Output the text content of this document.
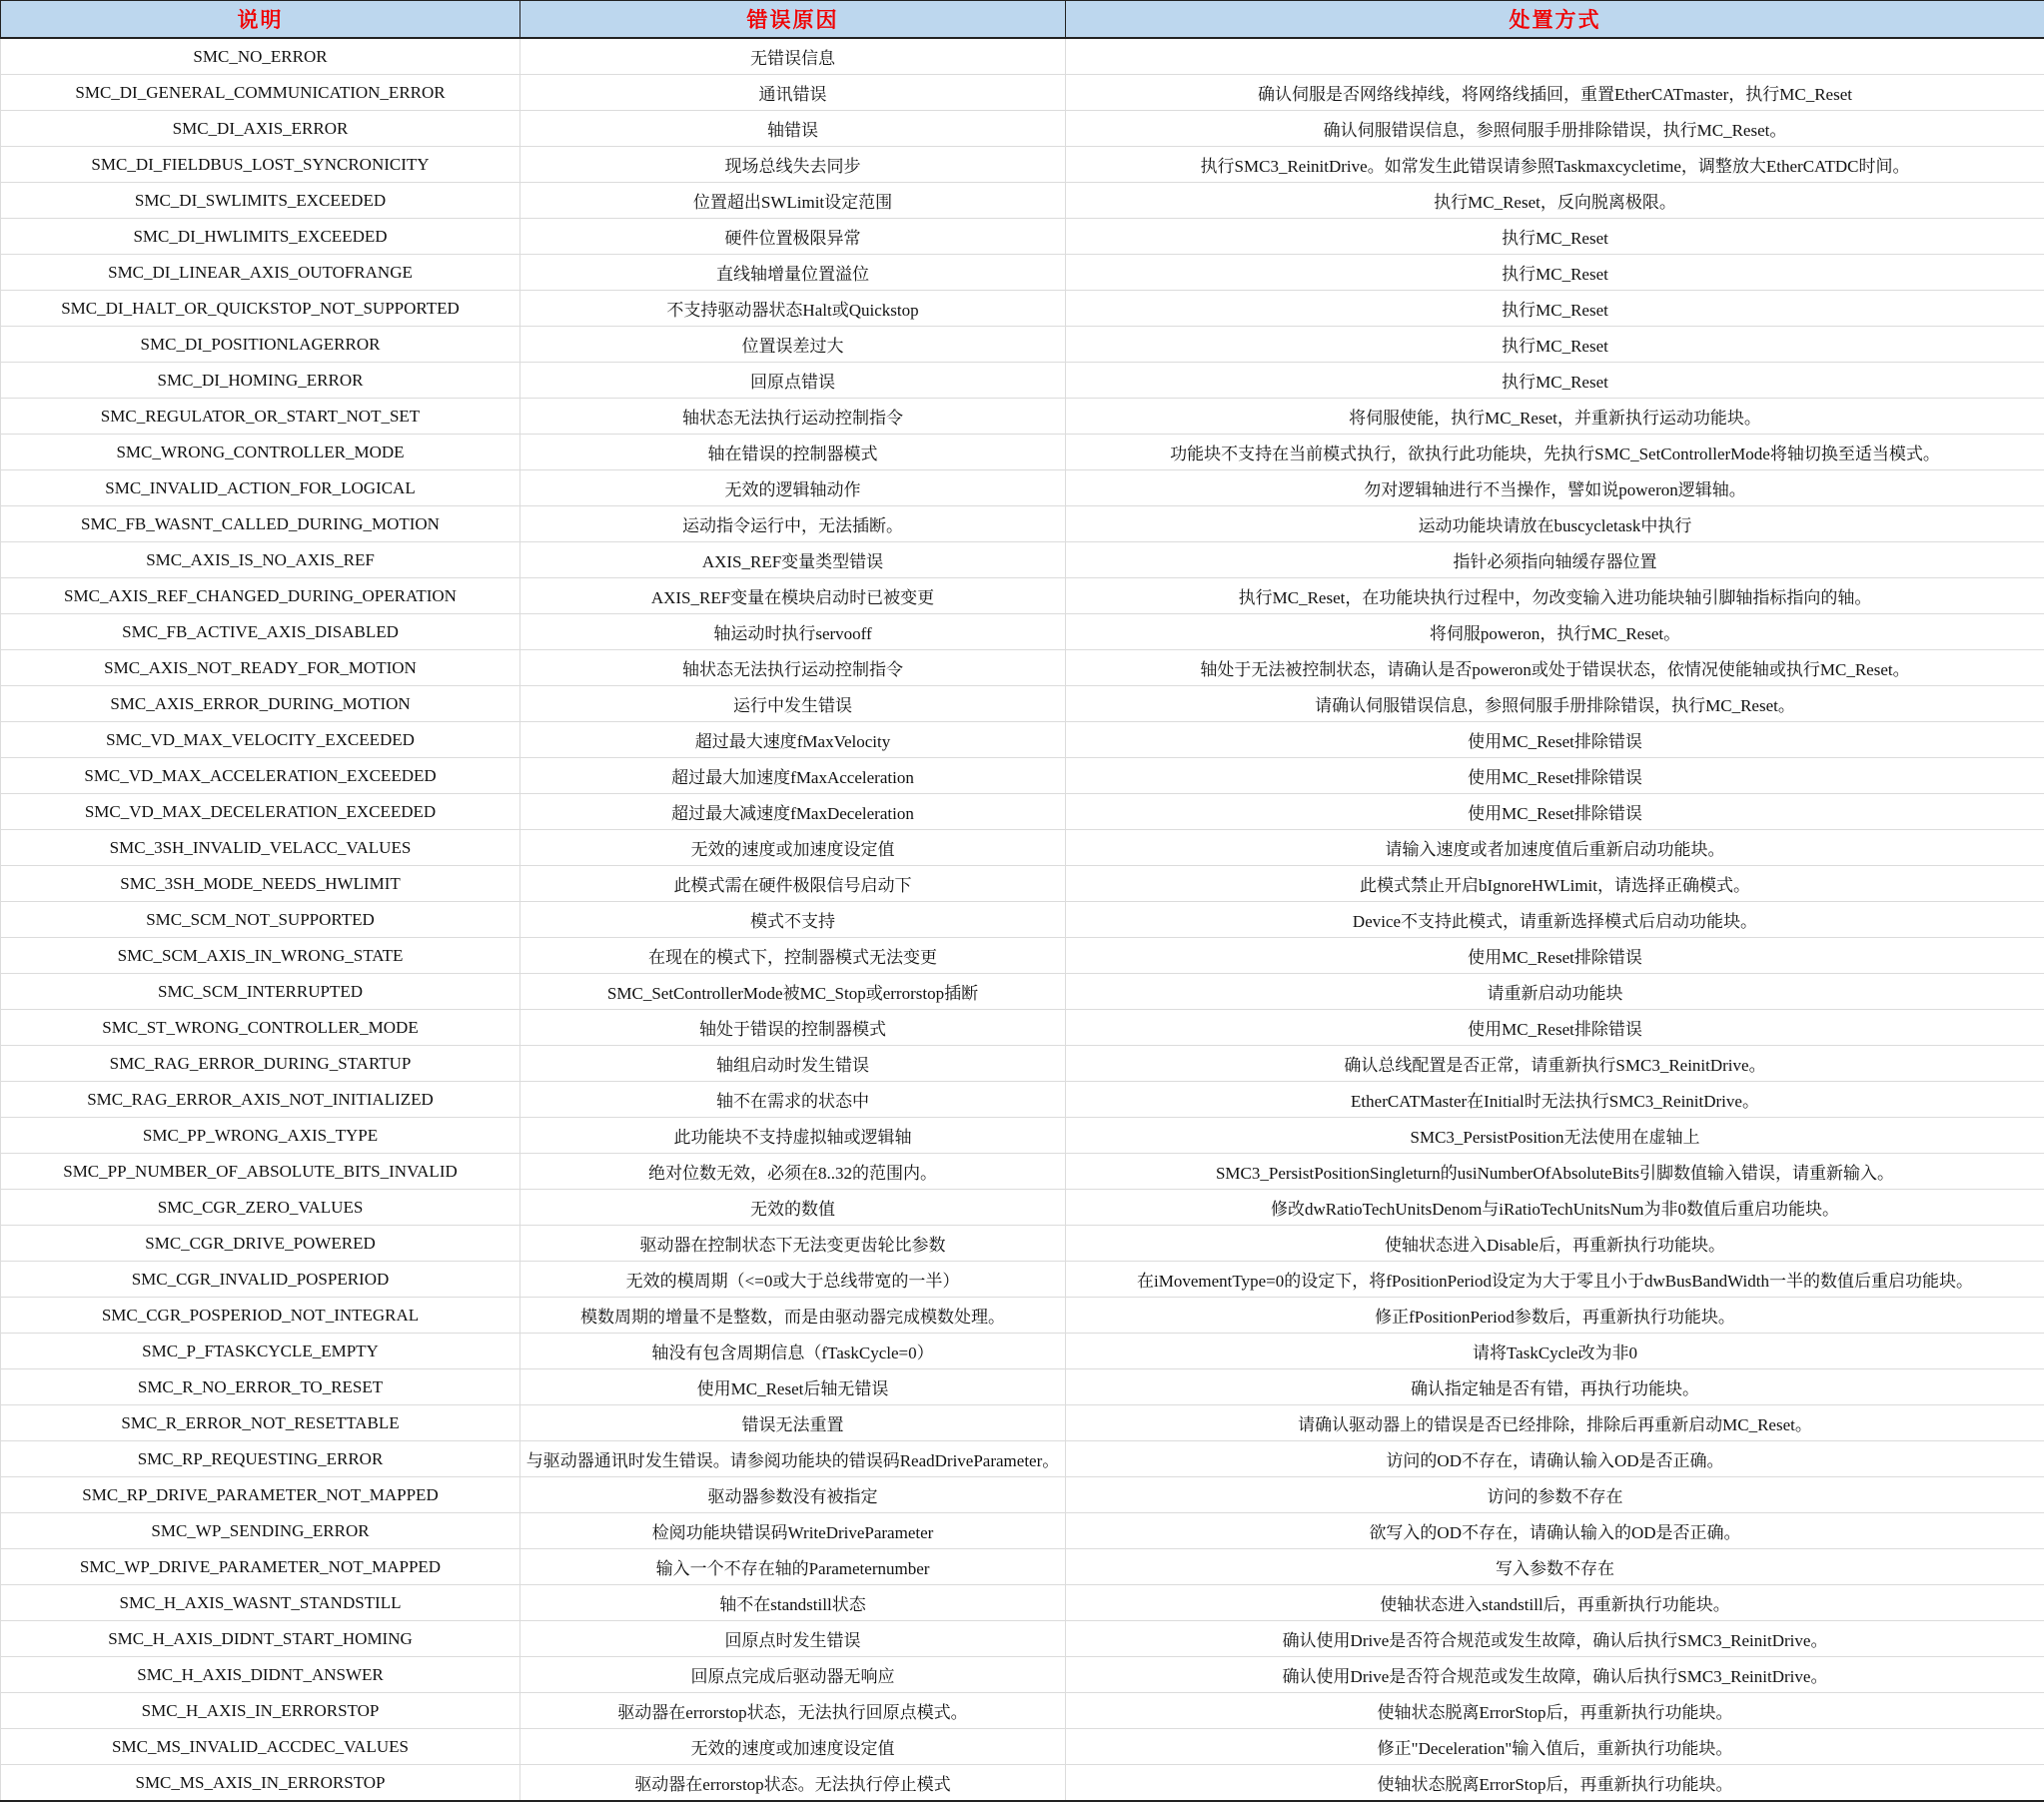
说明	错误原因	处置方式
SMC_NO_ERROR	无错误信息	
SMC_DI_GENERAL_COMMUNICATION_ERROR	通讯错误	确认伺服是否网络线掉线，将网络线插回，重置EtherCATmaster，执行MC_Reset
SMC_DI_AXIS_ERROR	轴错误	确认伺服错误信息，参照伺服手册排除错误，执行MC_Reset。
SMC_DI_FIELDBUS_LOST_SYNCRONICITY	现场总线失去同步	执行SMC3_ReinitDrive。如常发生此错误请参照Taskmaxcycletime，调整放大EtherCATDC时间。
SMC_DI_SWLIMITS_EXCEEDED	位置超出SWLimit设定范围	执行MC_Reset，反向脱离极限。
SMC_DI_HWLIMITS_EXCEEDED	硬件位置极限异常	执行MC_Reset
SMC_DI_LINEAR_AXIS_OUTOFRANGE	直线轴增量位置溢位	执行MC_Reset
SMC_DI_HALT_OR_QUICKSTOP_NOT_SUPPORTED	不支持驱动器状态Halt或Quickstop	执行MC_Reset
SMC_DI_POSITIONLAGERROR	位置误差过大	执行MC_Reset
SMC_DI_HOMING_ERROR	回原点错误	执行MC_Reset
SMC_REGULATOR_OR_START_NOT_SET	轴状态无法执行运动控制指令	将伺服使能，执行MC_Reset，并重新执行运动功能块。
SMC_WRONG_CONTROLLER_MODE	轴在错误的控制器模式	功能块不支持在当前模式执行，欲执行此功能块，先执行SMC_SetControllerMode将轴切换至适当模式。
SMC_INVALID_ACTION_FOR_LOGICAL	无效的逻辑轴动作	勿对逻辑轴进行不当操作，譬如说poweron逻辑轴。
SMC_FB_WASNT_CALLED_DURING_MOTION	运动指令运行中，无法插断。	运动功能块请放在buscycletask中执行
SMC_AXIS_IS_NO_AXIS_REF	AXIS_REF变量类型错误	指针必须指向轴缓存器位置
SMC_AXIS_REF_CHANGED_DURING_OPERATION	AXIS_REF变量在模块启动时已被变更	执行MC_Reset，在功能块执行过程中，勿改变输入进功能块轴引脚轴指标指向的轴。
SMC_FB_ACTIVE_AXIS_DISABLED	轴运动时执行servooff	将伺服poweron，执行MC_Reset。
SMC_AXIS_NOT_READY_FOR_MOTION	轴状态无法执行运动控制指令	轴处于无法被控制状态，请确认是否poweron或处于错误状态，依情况使能轴或执行MC_Reset。
SMC_AXIS_ERROR_DURING_MOTION	运行中发生错误	请确认伺服错误信息，参照伺服手册排除错误，执行MC_Reset。
SMC_VD_MAX_VELOCITY_EXCEEDED	超过最大速度fMaxVelocity	使用MC_Reset排除错误
SMC_VD_MAX_ACCELERATION_EXCEEDED	超过最大加速度fMaxAcceleration	使用MC_Reset排除错误
SMC_VD_MAX_DECELERATION_EXCEEDED	超过最大减速度fMaxDeceleration	使用MC_Reset排除错误
SMC_3SH_INVALID_VELACC_VALUES	无效的速度或加速度设定值	请输入速度或者加速度值后重新启动功能块。
SMC_3SH_MODE_NEEDS_HWLIMIT	此模式需在硬件极限信号启动下	此模式禁止开启bIgnoreHWLimit，请选择正确模式。
SMC_SCM_NOT_SUPPORTED	模式不支持	Device不支持此模式，请重新选择模式后启动功能块。
SMC_SCM_AXIS_IN_WRONG_STATE	在现在的模式下，控制器模式无法变更	使用MC_Reset排除错误
SMC_SCM_INTERRUPTED	SMC_SetControllerMode被MC_Stop或errorstop插断	请重新启动功能块
SMC_ST_WRONG_CONTROLLER_MODE	轴处于错误的控制器模式	使用MC_Reset排除错误
SMC_RAG_ERROR_DURING_STARTUP	轴组启动时发生错误	确认总线配置是否正常，请重新执行SMC3_ReinitDrive。
SMC_RAG_ERROR_AXIS_NOT_INITIALIZED	轴不在需求的状态中	EtherCATMaster在Initial时无法执行SMC3_ReinitDrive。
SMC_PP_WRONG_AXIS_TYPE	此功能块不支持虚拟轴或逻辑轴	SMC3_PersistPosition无法使用在虚轴上
SMC_PP_NUMBER_OF_ABSOLUTE_BITS_INVALID	绝对位数无效，必须在8..32的范围内。	SMC3_PersistPositionSingleturn的usiNumberOfAbsoluteBits引脚数值输入错误，请重新输入。
SMC_CGR_ZERO_VALUES	无效的数值	修改dwRatioTechUnitsDenom与iRatioTechUnitsNum为非0数值后重启功能块。
SMC_CGR_DRIVE_POWERED	驱动器在控制状态下无法变更齿轮比参数	使轴状态进入Disable后，再重新执行功能块。
SMC_CGR_INVALID_POSPERIOD	无效的模周期（<=0或大于总线带宽的一半）	在iMovementType=0的设定下，将fPositionPeriod设定为大于零且小于dwBusBandWidth一半的数值后重启功能块。
SMC_CGR_POSPERIOD_NOT_INTEGRAL	模数周期的增量不是整数，而是由驱动器完成模数处理。	修正fPositionPeriod参数后，再重新执行功能块。
SMC_P_FTASKCYCLE_EMPTY	轴没有包含周期信息（fTaskCycle=0）	请将TaskCycle改为非0
SMC_R_NO_ERROR_TO_RESET	使用MC_Reset后轴无错误	确认指定轴是否有错，再执行功能块。
SMC_R_ERROR_NOT_RESETTABLE	错误无法重置	请确认驱动器上的错误是否已经排除，排除后再重新启动MC_Reset。
SMC_RP_REQUESTING_ERROR	与驱动器通讯时发生错误。请参阅功能块的错误码ReadDriveParameter。	访问的OD不存在，请确认输入OD是否正确。
SMC_RP_DRIVE_PARAMETER_NOT_MAPPED	驱动器参数没有被指定	访问的参数不存在
SMC_WP_SENDING_ERROR	检阅功能块错误码WriteDriveParameter	欲写入的OD不存在，请确认输入的OD是否正确。
SMC_WP_DRIVE_PARAMETER_NOT_MAPPED	输入一个不存在轴的Parameternumber	写入参数不存在
SMC_H_AXIS_WASNT_STANDSTILL	轴不在standstill状态	使轴状态进入standstill后，再重新执行功能块。
SMC_H_AXIS_DIDNT_START_HOMING	回原点时发生错误	确认使用Drive是否符合规范或发生故障，确认后执行SMC3_ReinitDrive。
SMC_H_AXIS_DIDNT_ANSWER	回原点完成后驱动器无响应	确认使用Drive是否符合规范或发生故障，确认后执行SMC3_ReinitDrive。
SMC_H_AXIS_IN_ERRORSTOP	驱动器在errorstop状态，无法执行回原点模式。	使轴状态脱离ErrorStop后，再重新执行功能块。
SMC_MS_INVALID_ACCDEC_VALUES	无效的速度或加速度设定值	修正"Deceleration"输入值后，重新执行功能块。
SMC_MS_AXIS_IN_ERRORSTOP	驱动器在errorstop状态。无法执行停止模式	使轴状态脱离ErrorStop后，再重新执行功能块。
